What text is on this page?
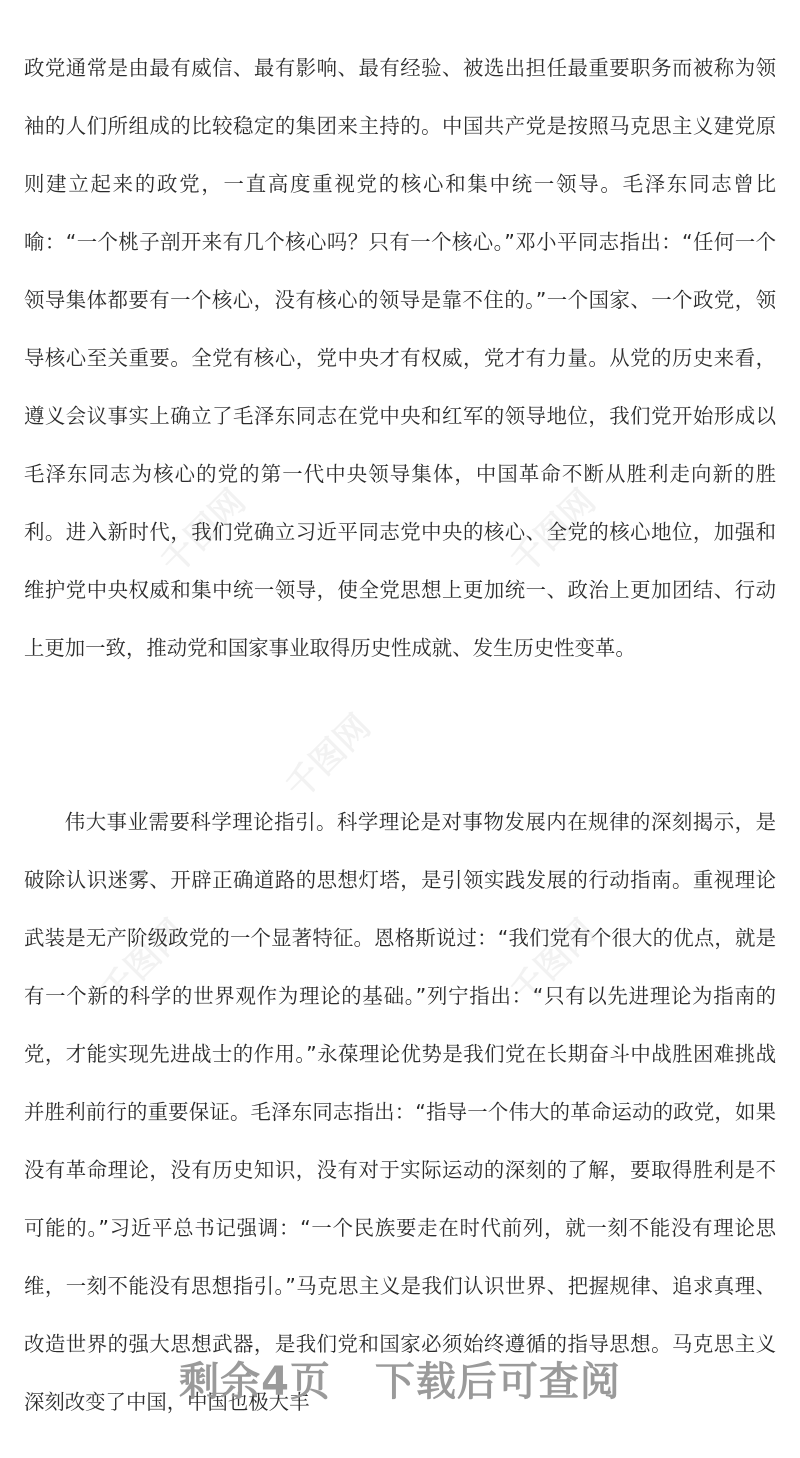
千图网	千图网
千图网
千图网	千图网

政党通常是由最有威信、最有影响、最有经验、被选出担任最重要职务而被称为领袖的人们所组成的比较稳定的集团来主持的。中国共产党是按照马克思主义建党原则建立起来的政党，一直高度重视党的核心和集中统一领导。毛泽东同志曾比喻：“一个桃子剖开来有几个核心吗？只有一个核心。”邓小平同志指出：“任何一个领导集体都要有一个核心，没有核心的领导是靠不住的。”一个国家、一个政党，领导核心至关重要。全党有核心，党中央才有权威，党才有力量。从党的历史来看，遵义会议事实上确立了毛泽东同志在党中央和红军的领导地位，我们党开始形成以毛泽东同志为核心的党的第一代中央领导集体，中国革命不断从胜利走向新的胜利。进入新时代，我们党确立习近平同志党中央的核心、全党的核心地位，加强和维护党中央权威和集中统一领导，使全党思想上更加统一、政治上更加团结、行动上更加一致，推动党和国家事业取得历史性成就、发生历史性变革。

伟大事业需要科学理论指引。科学理论是对事物发展内在规律的深刻揭示，是破除认识迷雾、开辟正确道路的思想灯塔，是引领实践发展的行动指南。重视理论武装是无产阶级政党的一个显著特征。恩格斯说过：“我们党有个很大的优点，就是有一个新的科学的世界观作为理论的基础。”列宁指出：“只有以先进理论为指南的党，才能实现先进战士的作用。”永葆理论优势是我们党在长期奋斗中战胜困难挑战并胜利前行的重要保证。毛泽东同志指出：“指导一个伟大的革命运动的政党，如果没有革命理论，没有历史知识，没有对于实际运动的深刻的了解，要取得胜利是不可能的。”习近平总书记强调：“一个民族要走在时代前列，就一刻不能没有理论思维，一刻不能没有思想指引。”马克思主义是我们认识世界、把握规律、追求真理、改造世界的强大思想武器，是我们党和国家必须始终遵循的指导思想。马克思主义深刻改变了中国，中国也极大丰

剩余4页 下载后可查阅
